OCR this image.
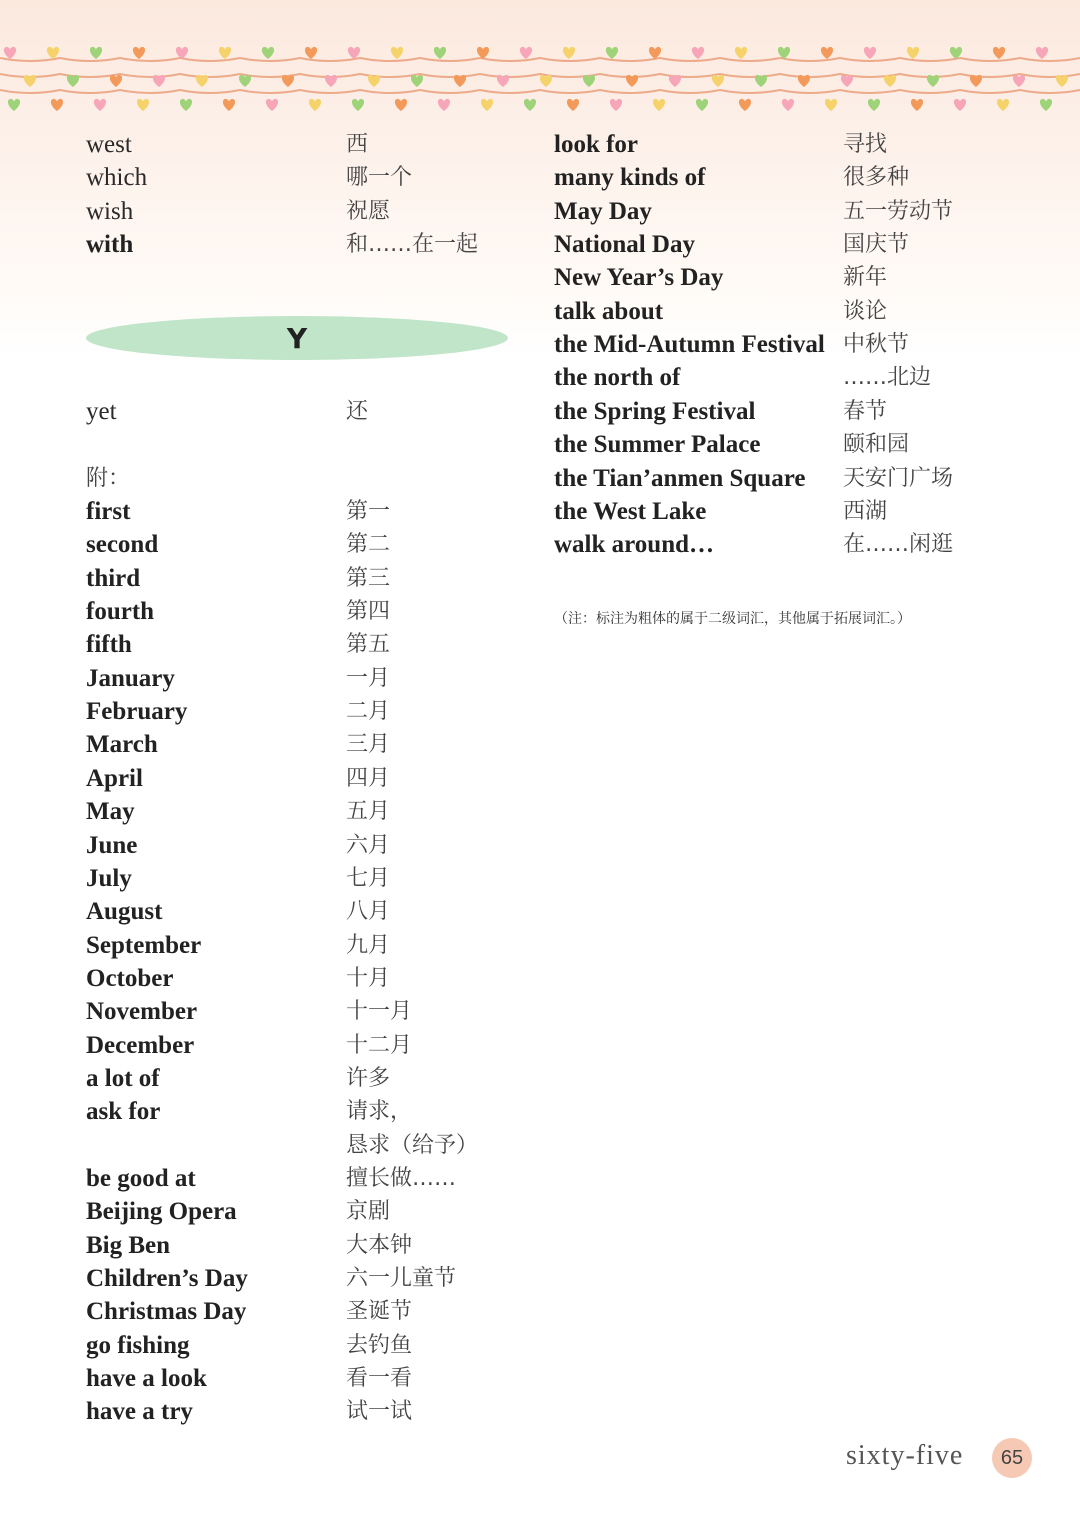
west	西
which	哪一个
wish	祝愿
with	和……在一起
Y
yet	还
附：
first	第一
second	第二
third	第三
fourth	第四
fifth	第五
January	一月
February	二月
March	三月
April	四月
May	五月
June	六月
July	七月
August	八月
September	九月
October	十月
November	十一月
December	十二月
a lot of	许多
ask for	请求，
恳求（给予）
be good at	擅长做……
Beijing Opera	京剧
Big Ben	大本钟
Children’s Day	六一儿童节
Christmas Day	圣诞节
go fishing	去钓鱼
have a look	看一看
have a try	试一试
look for	寻找
many kinds of	很多种
May Day	五一劳动节
National Day	国庆节
New Year’s Day	新年
talk about	谈论
the Mid-Autumn Festival 中秋节
the north of	……北边
the Spring Festival	春节
the Summer Palace	颐和园
the Tian’anmen Square 天安门广场
the West Lake	西湖
walk around…	在……闲逛
（注：标注为粗体的属于二级词汇，其他属于拓展词汇。）
sixty-five	65
